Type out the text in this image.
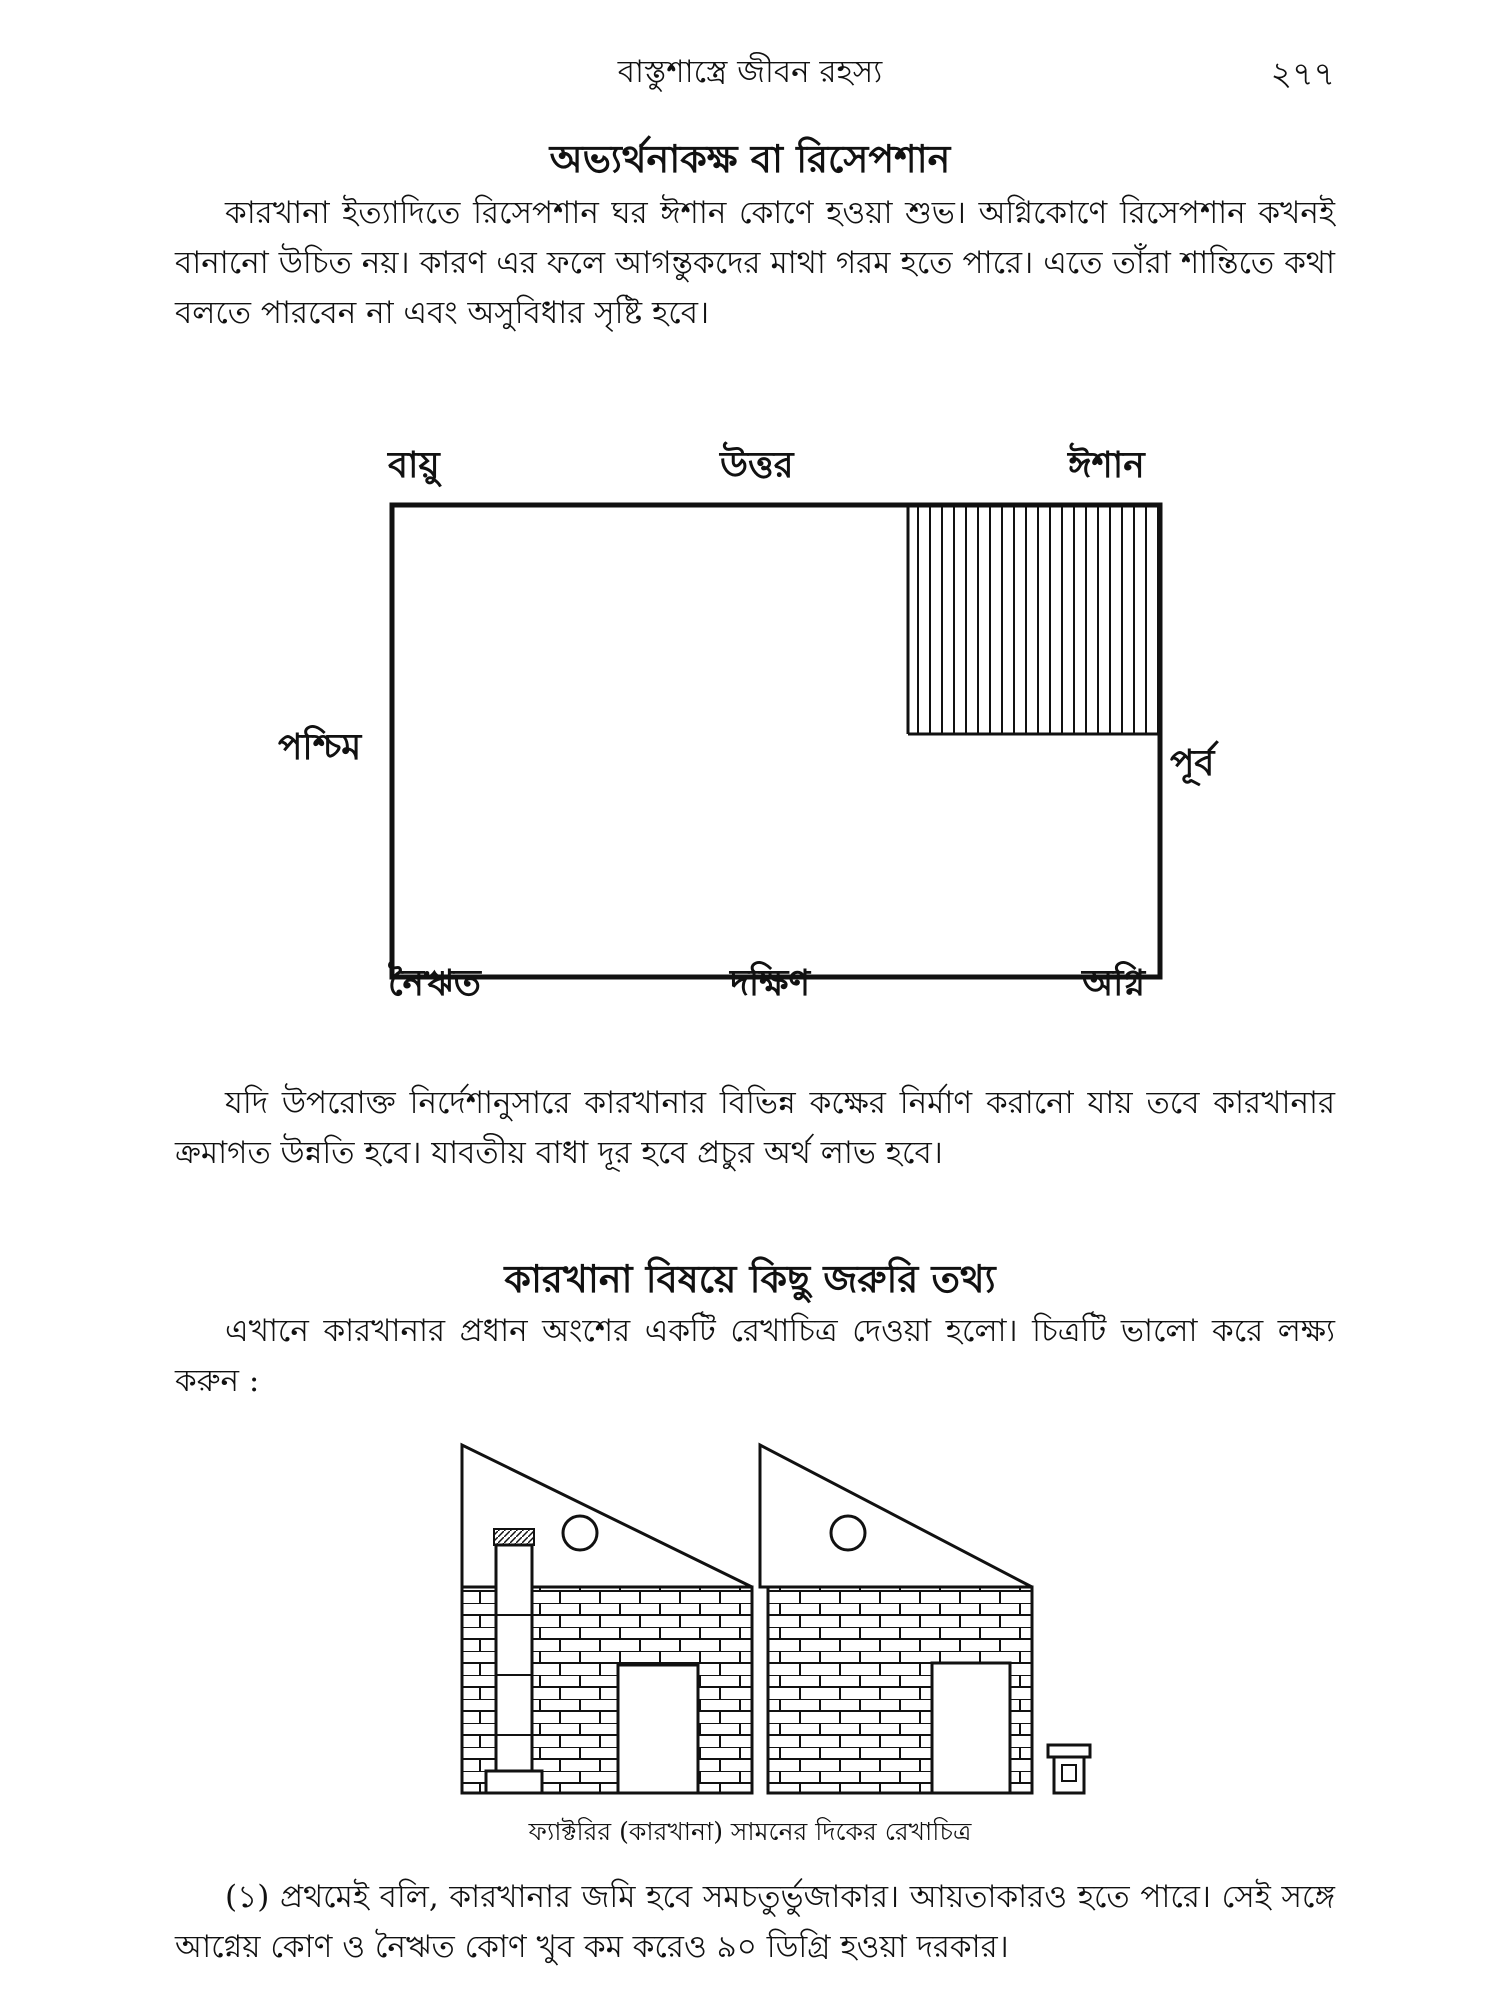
বাস্তুশাস্ত্রে জীবন রহস্য	২৭৭
অভ্যর্থনাকক্ষ বা রিসেপশান

কারখানা ইত্যাদিতে রিসেপশান ঘর ঈশান কোণে হওয়া শুভ। অগ্নিকোণে রিসেপশান কখনই বানানো উচিত নয়। কারণ এর ফলে আগন্তুকদের মাথা গরম হতে পারে। এতে তাঁরা শান্তিতে কথা বলতে পারবেন না এবং অসুবিধার সৃষ্টি হবে।

বায়ু	উত্তর	ঈশান
পশ্চিম	পূর্ব
নৈঋত	দক্ষিণ	অগ্নি

যদি উপরোক্ত নির্দেশানুসারে কারখানার বিভিন্ন কক্ষের নির্মাণ করানো যায় তবে কারখানার ক্রমাগত উন্নতি হবে। যাবতীয় বাধা দূর হবে প্রচুর অর্থ লাভ হবে।

কারখানা বিষয়ে কিছু জরুরি তথ্য

এখানে কারখানার প্রধান অংশের একটি রেখাচিত্র দেওয়া হলো। চিত্রটি ভালো করে লক্ষ্য করুন :

ফ্যাক্টরির (কারখানা) সামনের দিকের রেখাচিত্র

(১) প্রথমেই বলি, কারখানার জমি হবে সমচতুর্ভুজাকার। আয়তাকারও হতে পারে। সেই সঙ্গে আগ্নেয় কোণ ও নৈঋত কোণ খুব কম করেও ৯০ ডিগ্রি হওয়া দরকার।
